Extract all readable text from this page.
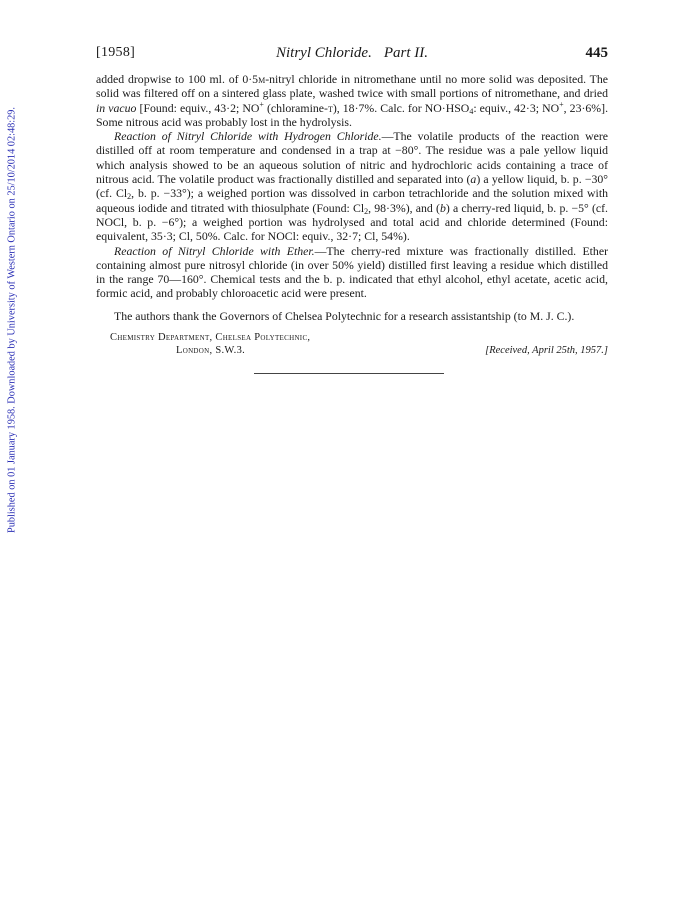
Published on 01 January 1958. Downloaded by University of Western Ontario on 25/10/2014 02:48:29.
[1958]	Nitryl Chloride. Part II.	445

added dropwise to 100 ml. of 0·5m-nitryl chloride in nitromethane until no more solid was deposited. The solid was filtered off on a sintered glass plate, washed twice with small portions of nitromethane, and dried in vacuo [Found: equiv., 43·2; NO+ (chloramine-t), 18·7%. Calc. for $NO\cdot HSO_4$: equiv., 42·3; NO+, 23·6%]. Some nitrous acid was probably lost in the hydrolysis.

Reaction of Nitryl Chloride with Hydrogen Chloride.—The volatile products of the reaction were distilled off at room temperature and condensed in a trap at −80°. The residue was a pale yellow liquid which analysis showed to be an aqueous solution of nitric and hydrochloric acids containing a trace of nitrous acid. The volatile product was fractionally distilled and separated into (a) a yellow liquid, b. p. −30° (cf. $Cl_2$, b. p. −33°); a weighed portion was dissolved in carbon tetrachloride and the solution mixed with aqueous iodide and titrated with thiosulphate (Found: $Cl_2$, 98·3%), and (b) a cherry-red liquid, b. p. −5° (cf. NOCl, b. p. −6°); a weighed portion was hydrolysed and total acid and chloride determined (Found: equivalent, 35·3; Cl, 50%. Calc. for NOCl: equiv., 32·7; Cl, 54%).

Reaction of Nitryl Chloride with Ether.—The cherry-red mixture was fractionally distilled. Ether containing almost pure nitrosyl chloride (in over 50% yield) distilled first leaving a residue which distilled in the range 70—160°. Chemical tests and the b. p. indicated that ethyl alcohol, ethyl acetate, acetic acid, formic acid, and probably chloroacetic acid were present.

The authors thank the Governors of Chelsea Polytechnic for a research assistantship (to M. J. C.).

Chemistry Department, Chelsea Polytechnic,
London, S.W.3.	[Received, April 25th, 1957.]
